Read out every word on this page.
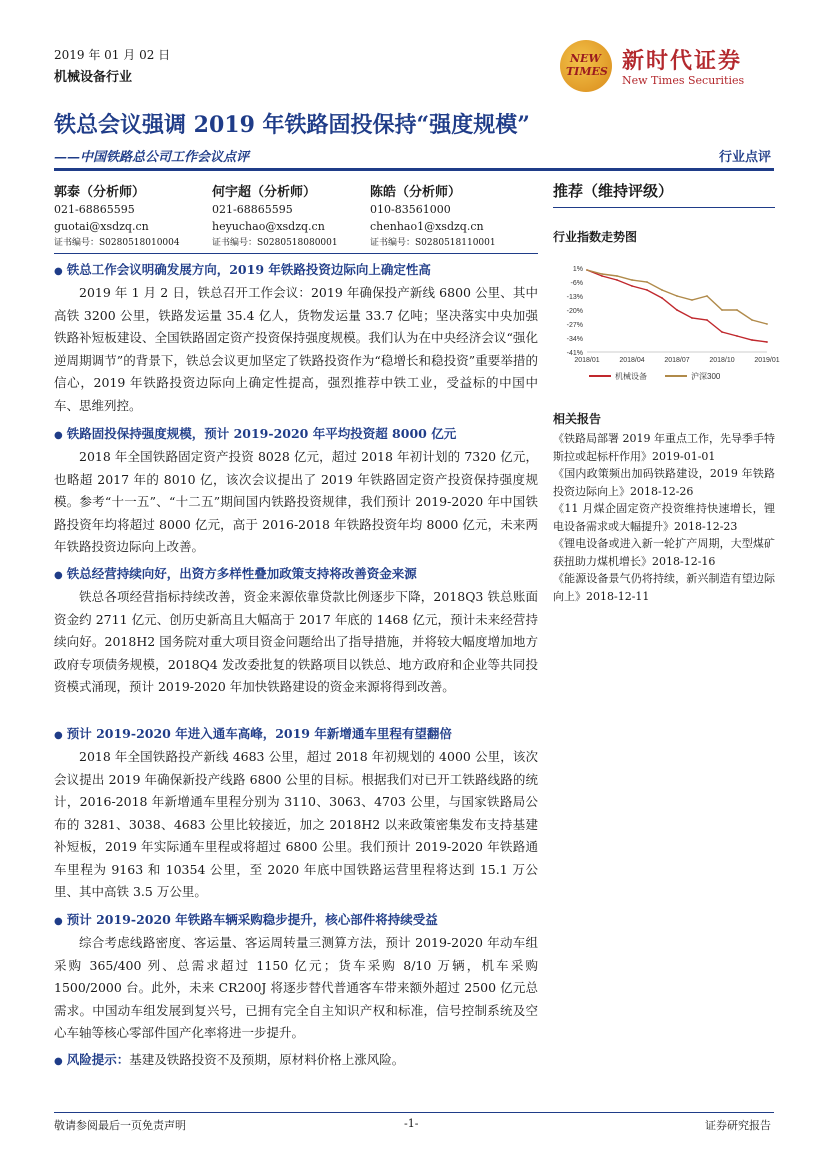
2019 年 01 月 02 日
机械设备行业
NEW
TIMES 新时代证券
New Times Securities
铁总会议强调 2019 年铁路固投保持“强度规模”
——中国铁路总公司工作会议点评	行业点评
郭泰（分析师）
021-68865595
guotai@xsdzq.cn
证书编号：S0280518010004
何宇超（分析师）
021-68865595
heyuchao@xsdzq.cn
证书编号：S0280518080001
陈皓（分析师）
010-83561000
chenhao1@xsdzq.cn
证书编号：S0280518110001
● 铁总工作会议明确发展方向，2019 年铁路投资边际向上确定性高

2019 年 1 月 2 日，铁总召开工作会议：2019 年确保投产新线 6800 公里、其中高铁 3200 公里，铁路发运量 35.4 亿人，货物发运量 33.7 亿吨；坚决落实中央加强铁路补短板建设、全国铁路固定资产投资保持强度规模。我们认为在中央经济会议“强化逆周期调节”的背景下，铁总会议更加坚定了铁路投资作为“稳增长和稳投资”重要举措的信心，2019 年铁路投资边际向上确定性提高，强烈推荐中铁工业，受益标的中国中车、思维列控。

● 铁路固投保持强度规模，预计 2019-2020 年平均投资超 8000 亿元

2018 年全国铁路固定资产投资 8028 亿元，超过 2018 年初计划的 7320 亿元，也略超 2017 年的 8010 亿，该次会议提出了 2019 年铁路固定资产投资保持强度规模。参考“十一五”、“十二五”期间国内铁路投资规律，我们预计 2019-2020 年中国铁路投资年均将超过 8000 亿元，高于 2016-2018 年铁路投资年均 8000 亿元，未来两年铁路投资边际向上改善。

● 铁总经营持续向好，出资方多样性叠加政策支持将改善资金来源

铁总各项经营指标持续改善，资金来源依靠贷款比例逐步下降，2018Q3 铁总账面资金约 2711 亿元、创历史新高且大幅高于 2017 年底的 1468 亿元，预计未来经营持续向好。2018H2 国务院对重大项目资金问题给出了指导措施，并将较大幅度增加地方政府专项债务规模，2018Q4 发改委批复的铁路项目以铁总、地方政府和企业等共同投资模式涌现，预计 2019-2020 年加快铁路建设的资金来源将得到改善。

● 预计 2019-2020 年进入通车高峰，2019 年新增通车里程有望翻倍

2018 年全国铁路投产新线 4683 公里，超过 2018 年初规划的 4000 公里，该次会议提出 2019 年确保新投产线路 6800 公里的目标。根据我们对已开工铁路线路的统计，2016-2018 年新增通车里程分别为 3110、3063、4703 公里，与国家铁路局公布的 3281、3038、4683 公里比较接近，加之 2018H2 以来政策密集发布支持基建补短板，2019 年实际通车里程或将超过 6800 公里。我们预计 2019-2020 年铁路通车里程为 9163 和 10354 公里，至 2020 年底中国铁路运营里程将达到 15.1 万公里、其中高铁 3.5 万公里。

● 预计 2019-2020 年铁路车辆采购稳步提升，核心部件将持续受益

综合考虑线路密度、客运量、客运周转量三测算方法，预计 2019-2020 年动车组采购 365/400 列、总需求超过 1150 亿元；货车采购 8/10 万辆，机车采购 1500/2000 台。此外，未来 CR200J 将逐步替代普通客车带来额外超过 2500 亿元总需求。中国动车组发展到复兴号，已拥有完全自主知识产权和标准，信号控制系统及空心车轴等核心零部件国产化率将进一步提升。

● 风险提示：基建及铁路投资不及预期，原材料价格上涨风险。
推荐（维持评级）
行业指数走势图
1%
-6%
-13%
-20%
-27%
-34%
-41%
2018/01	2018/04	2018/07	2018/10	2019/01
机械设备	沪深300
相关报告
《铁路局部署 2019 年重点工作，先导季手特斯拉或起标杆作用》2019-01-01
《国内政策频出加码铁路建设，2019 年铁路投资边际向上》2018-12-26
《11 月煤企固定资产投资维持快速增长，锂电设备需求或大幅提升》2018-12-23
《锂电设备或进入新一轮扩产周期，大型煤矿获扭助力煤机增长》2018-12-16
《能源设备景气仍将持续，新兴制造有望边际向上》2018-12-11
敬请参阅最后一页免责声明	-1-	证券研究报告
